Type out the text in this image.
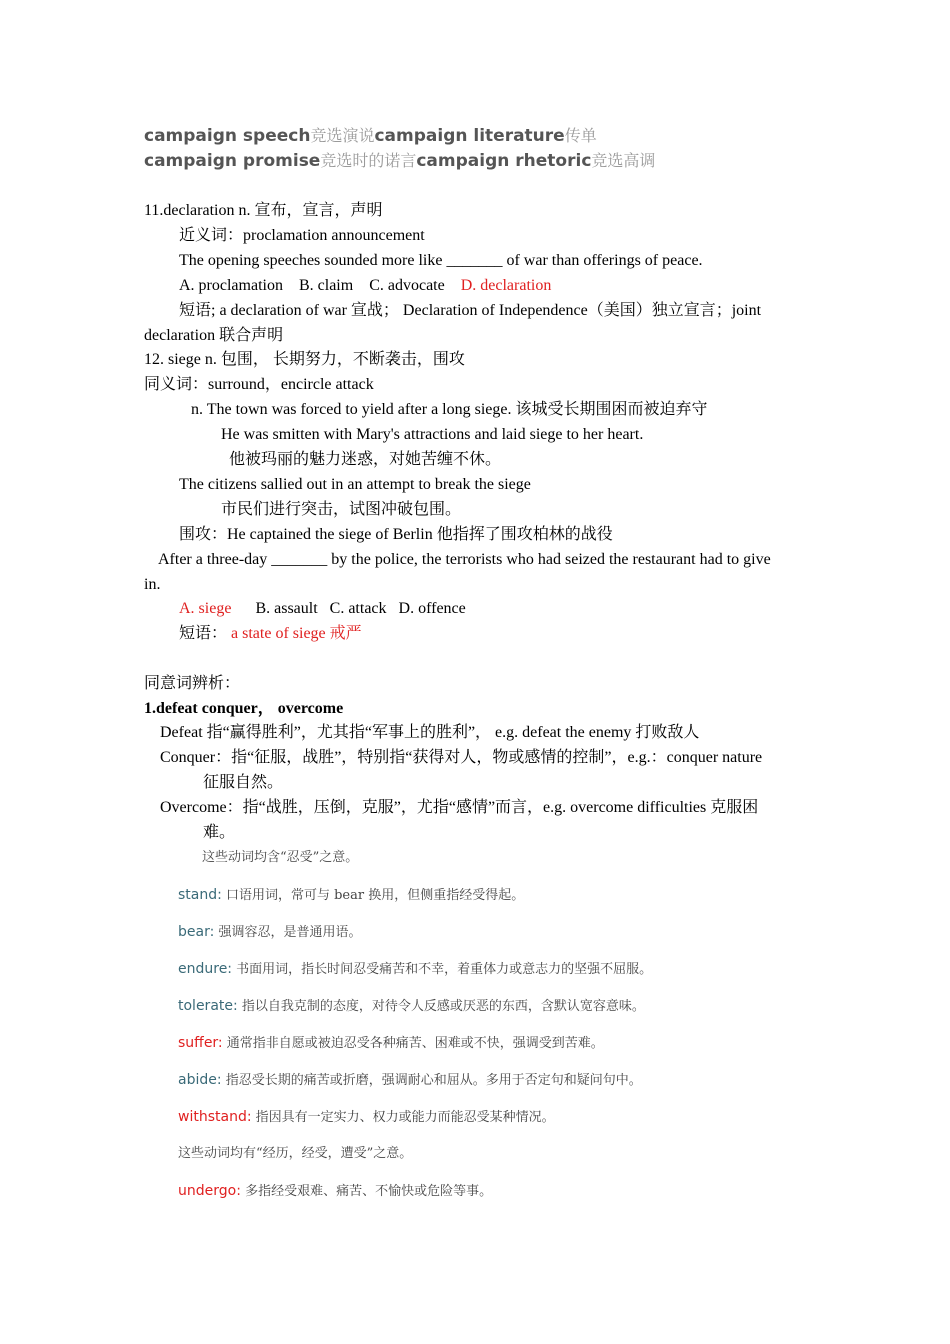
campaign speech竞选演说campaign literature传单
campaign promise竞选时的诺言campaign rhetoric竞选高调
11.declaration n. 宣布，宣言，声明
近义词：proclamation announcement
The opening speeches sounded more like _______ of war than offerings of peace.
A. proclamation B. claim C. advocate D. declaration
短语; a declaration of war 宣战； Declaration of Independence（美国）独立宣言；joint
declaration 联合声明
12. siege n. 包围， 长期努力，不断袭击，围攻
同义词：surround，encircle attack
n. The town was forced to yield after a long siege. 该城受长期围困而被迫弃守
He was smitten with Mary's attractions and laid siege to her heart.
他被玛丽的魅力迷惑，对她苦缠不休。
The citizens sallied out in an attempt to break the siege
市民们进行突击，试图冲破包围。
围攻：He captained the siege of Berlin 他指挥了围攻柏林的战役
After a three-day _______ by the police, the terrorists who had seized the restaurant had to give
in.
A. siege B. assault C. attack D. offence
短语： a state of siege 戒严
同意词辨析：
1.defeat conquer， overcome
Defeat 指“赢得胜利”，尤其指“军事上的胜利”， e.g. defeat the enemy 打败敌人
Conquer：指“征服，战胜”，特别指“获得对人，物或感情的控制”，e.g.：conquer nature
征服自然。
Overcome：指“战胜，压倒，克服”，尤指“感情”而言，e.g. overcome difficulties 克服困
难。
这些动词均含“忍受”之意。
stand: 口语用词，常可与 bear 换用，但侧重指经受得起。
bear: 强调容忍，是普通用语。
endure: 书面用词，指长时间忍受痛苦和不幸，着重体力或意志力的坚强不屈服。
tolerate: 指以自我克制的态度，对待令人反感或厌恶的东西，含默认宽容意味。
suffer: 通常指非自愿或被迫忍受各种痛苦、困难或不快，强调受到苦难。
abide: 指忍受长期的痛苦或折磨，强调耐心和屈从。多用于否定句和疑问句中。
withstand: 指因具有一定实力、权力或能力而能忍受某种情况。
这些动词均有“经历，经受，遭受”之意。
undergo: 多指经受艰难、痛苦、不愉快或危险等事。
